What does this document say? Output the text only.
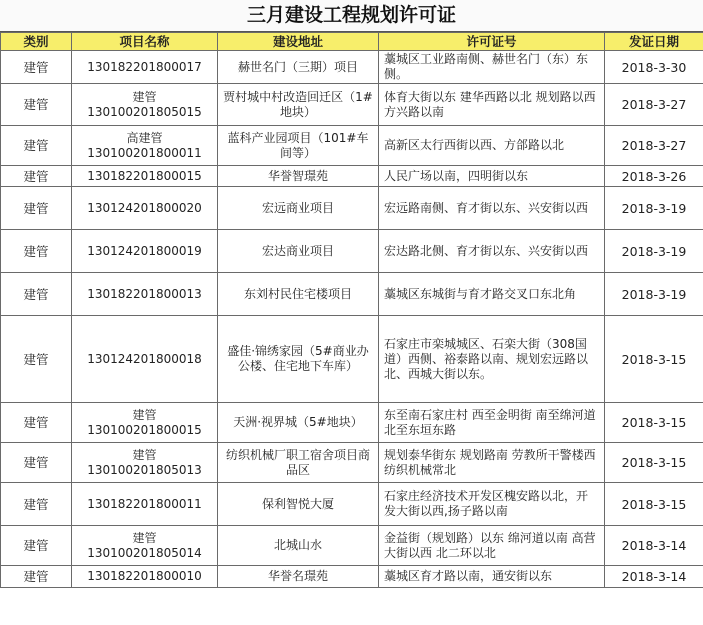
三月建设工程规划许可证
类别	项目名称	建设地址	许可证号	发证日期
建管	130182201800017	赫世名门（三期）项目	藁城区工业路南侧、赫世名门（东）东侧。	2018-3-30
建管	建管 130100201805015	贾村城中村改造回迁区（1#地块）	体育大街以东 建华西路以北 规划路以西 方兴路以南	2018-3-27
建管	高建管 130100201800011	蓝科产业园项目（101#车间等）	高新区太行西街以西、方郃路以北	2018-3-27
建管	130182201800015	华誉智璟苑	人民广场以南，四明街以东	2018-3-26
建管	130124201800020	宏远商业项目	宏远路南侧、育才街以东、兴安街以西	2018-3-19
建管	130124201800019	宏达商业项目	宏达路北侧、育才街以东、兴安街以西	2018-3-19
建管	130182201800013	东刘村民住宅楼项目	藁城区东城街与育才路交叉口东北角	2018-3-19
建管	130124201800018	盛佳·锦绣家园（5#商业办公楼、住宅地下车库）	石家庄市栾城城区、石栾大街（308国道）西侧、裕泰路以南、规划宏远路以北、西城大街以东。	2018-3-15
建管	建管 130100201800015	天洲·视界城（5#地块）	东至南石家庄村 西至金明街 南至绵河道 北至东垣东路	2018-3-15
建管	建管 130100201805013	纺织机械厂职工宿舍项目商品区	规划泰华街东 规划路南 劳教所干警楼西 纺织机械常北	2018-3-15
建管	130182201800011	保利智悦大厦	石家庄经济技术开发区槐安路以北，开发大街以西,扬子路以南	2018-3-15
建管	建管 130100201805014	北城山水	金益街（规划路）以东 绵河道以南 高营大街以西 北二环以北	2018-3-14
建管	130182201800010	华誉名璟苑	藁城区育才路以南，通安街以东	2018-3-14
